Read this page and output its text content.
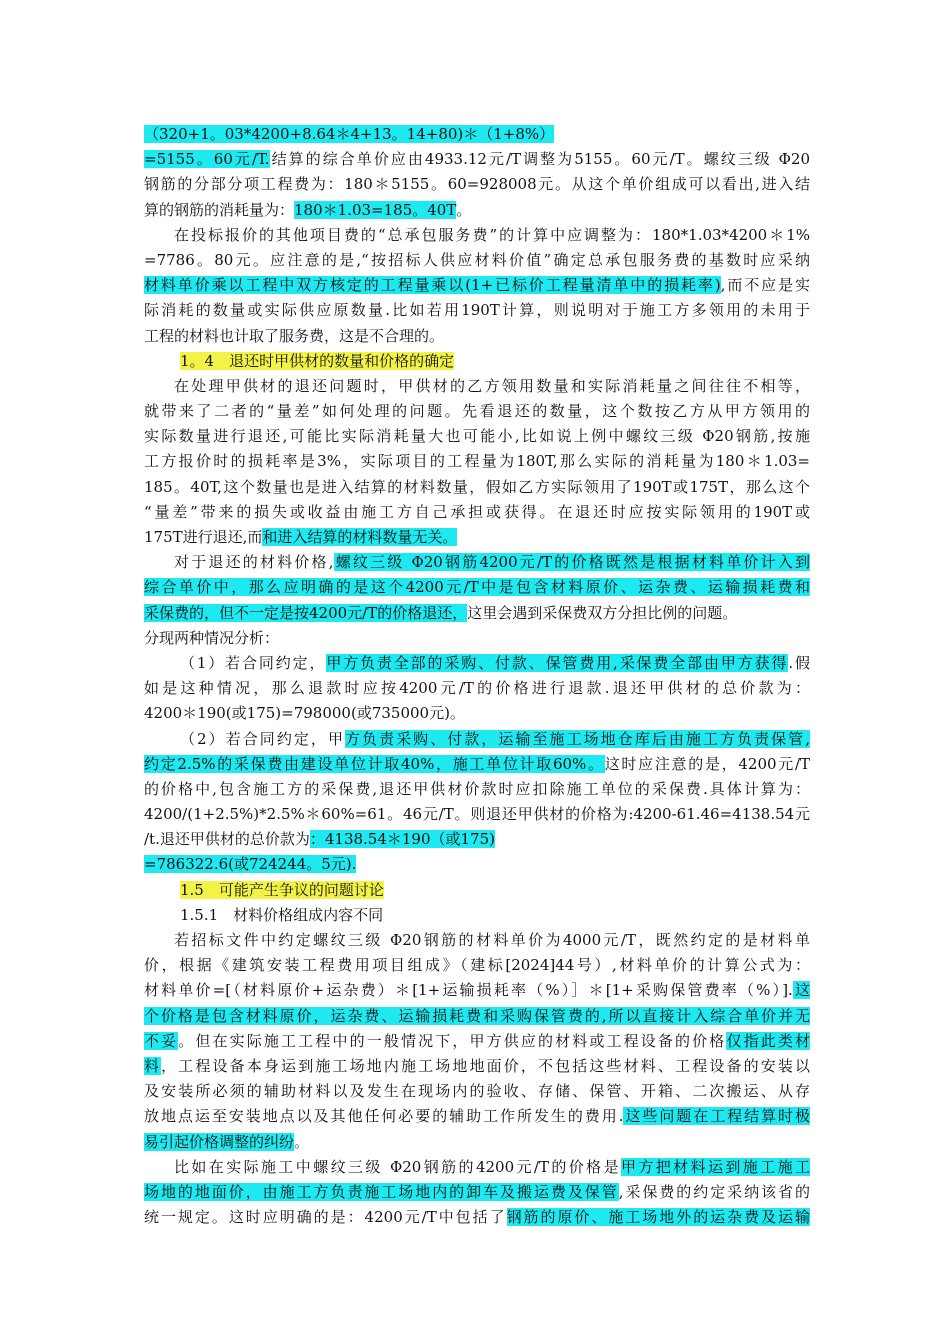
（320+1。03*4200+8.64＊4+13。14+80)＊（1+8%）
=5155。60元/T.结算的综合单价应由4933.12元/T调整为5155。60元/T。螺纹三级 Φ20
钢筋的分部分项工程费为：180＊5155。60=928008元。从这个单价组成可以看出,进入结
算的钢筋的消耗量为：180＊1.03=185。40T。
在投标报价的其他项目费的“总承包服务费”的计算中应调整为：180*1.03*4200＊1%
=7786。80元。应注意的是,“按招标人供应材料价值”确定总承包服务费的基数时应采纳
材料单价乘以工程中双方核定的工程量乘以(1+已标价工程量清单中的损耗率),而不应是实
际消耗的数量或实际供应原数量.比如若用190T计算，则说明对于施工方多领用的未用于
工程的材料也计取了服务费，这是不合理的。
1。4　退还时甲供材的数量和价格的确定
在处理甲供材的退还问题时，甲供材的乙方领用数量和实际消耗量之间往往不相等，
就带来了二者的“量差”如何处理的问题。先看退还的数量，这个数按乙方从甲方领用的
实际数量进行退还,可能比实际消耗量大也可能小,比如说上例中螺纹三级 Φ20钢筋,按施
工方报价时的损耗率是3%，实际项目的工程量为180T,那么实际的消耗量为180＊1.03=
185。40T,这个数量也是进入结算的材料数量，假如乙方实际领用了190T或175T，那么这个
“量差”带来的损失或收益由施工方自己承担或获得。在退还时应按实际领用的190T或
175T进行退还,而和进入结算的材料数量无关。
对于退还的材料价格,螺纹三级 Φ20钢筋4200元/T的价格既然是根据材料单价计入到
综合单价中，那么应明确的是这个4200元/T中是包含材料原价、运杂费、运输损耗费和
采保费的，但不一定是按4200元/T的价格退还，这里会遇到采保费双方分担比例的问题。
分现两种情况分析：
（1）若合同约定，甲方负责全部的采购、付款、保管费用,采保费全部由甲方获得.假
如是这种情况，那么退款时应按4200元/T的价格进行退款.退还甲供材的总价款为：
4200＊190(或175)=798000(或735000元)。
（2）若合同约定，甲方负责采购、付款，运输至施工场地仓库后由施工方负责保管,
约定2.5%的采保费由建设单位计取40%，施工单位计取60%。这时应注意的是，4200元/T
的价格中,包含施工方的采保费,退还甲供材价款时应扣除施工单位的采保费.具体计算为：
4200/(1+2.5%)*2.5%＊60%=61。46元/T。则退还甲供材的价格为:4200-61.46=4138.54元
/t.退还甲供材的总价款为：4138.54＊190（或175)
=786322.6(或724244。5元).
1.5　可能产生争议的问题讨论
1.5.1　材料价格组成内容不同
若招标文件中约定螺纹三级 Φ20钢筋的材料单价为4000元/T，既然约定的是材料单
价，根据《建筑安装工程费用项目组成》（建标[2024]44号）,材料单价的计算公式为：
材料单价=[（材料原价+运杂费）＊[1+运输损耗率（%）］＊[1+采购保管费率（%）].这
个价格是包含材料原价，运杂费、运输损耗费和采购保管费的,所以直接计入综合单价并无
不妥。但在实际施工工程中的一般情况下，甲方供应的材料或工程设备的价格仅指此类材
料，工程设备本身运到施工场地内施工场地地面价，不包括这些材料、工程设备的安装以
及安装所必须的辅助材料以及发生在现场内的验收、存储、保管、开箱、二次搬运、从存
放地点运至安装地点以及其他任何必要的辅助工作所发生的费用.这些问题在工程结算时极
易引起价格调整的纠纷。
比如在实际施工中螺纹三级 Φ20钢筋的4200元/T的价格是甲方把材料运到施工施工
场地的地面价，由施工方负责施工场地内的卸车及搬运费及保管,采保费的约定采纳该省的
统一规定。这时应明确的是：4200元/T中包括了钢筋的原价、施工场地外的运杂费及运输
